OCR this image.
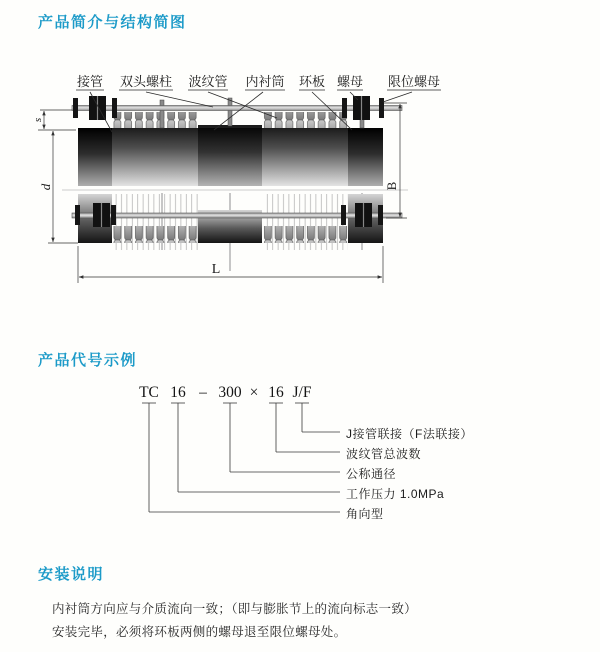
产品简介与结构简图
s
d	B
L
接管 双头螺柱 波纹管 内衬筒 环板 螺母 限位螺母
产品代号示例
TC 16 – 300 × 16 J/F
J接管联接（F法联接）
波纹管总波数
公称通径
工作压力 1.0MPa
角向型
安装说明

内衬筒方向应与介质流向一致；（即与膨胀节上的流向标志一致）

安装完毕，必须将环板两侧的螺母退至限位螺母处。
